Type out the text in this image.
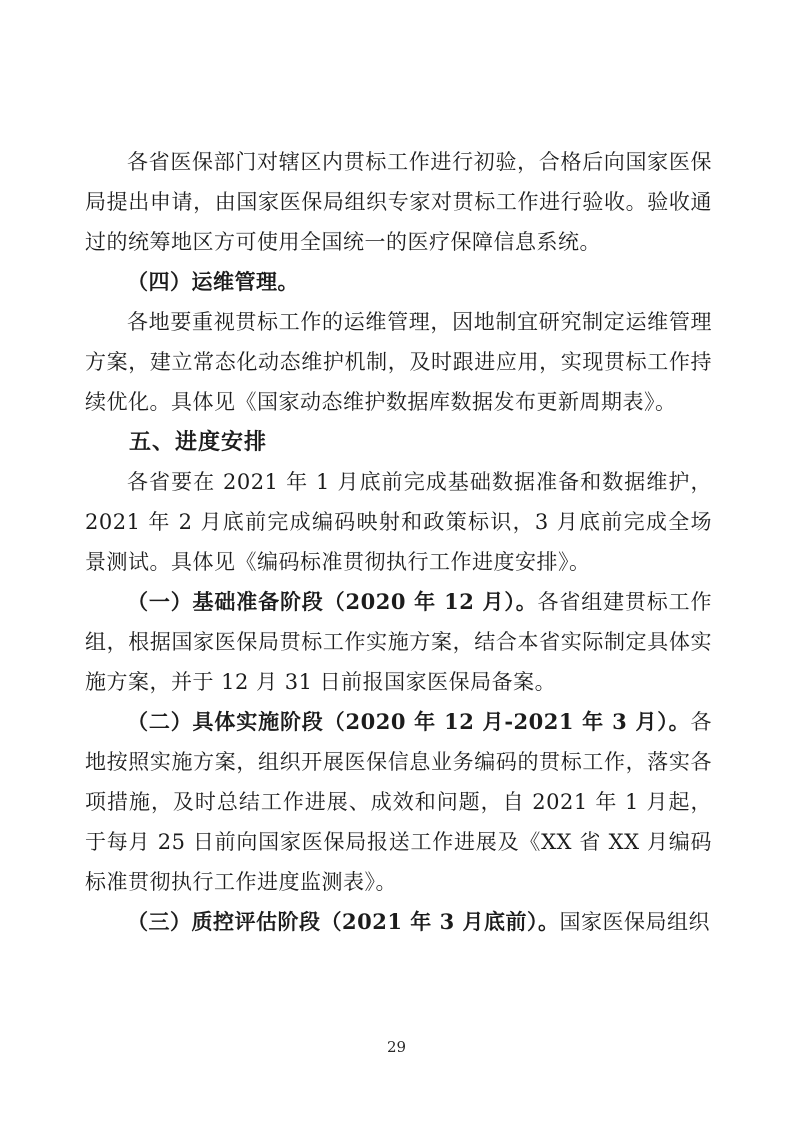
各省医保部门对辖区内贯标工作进行初验，合格后向国家医保局提出申请，由国家医保局组织专家对贯标工作进行验收。验收通过的统筹地区方可使用全国统一的医疗保障信息系统。

（四）运维管理。

各地要重视贯标工作的运维管理，因地制宜研究制定运维管理方案，建立常态化动态维护机制，及时跟进应用，实现贯标工作持续优化。具体见《国家动态维护数据库数据发布更新周期表》。

五、进度安排

各省要在 2021 年 1 月底前完成基础数据准备和数据维护，2021 年 2 月底前完成编码映射和政策标识，3 月底前完成全场景测试。具体见《编码标准贯彻执行工作进度安排》。

（一）基础准备阶段（2020 年 12 月）。各省组建贯标工作组，根据国家医保局贯标工作实施方案，结合本省实际制定具体实施方案，并于 12 月 31 日前报国家医保局备案。

（二）具体实施阶段（2020 年 12 月-2021 年 3 月）。各地按照实施方案，组织开展医保信息业务编码的贯标工作，落实各项措施，及时总结工作进展、成效和问题，自 2021 年 1 月起，于每月 25 日前向国家医保局报送工作进展及《XX 省 XX 月编码标准贯彻执行工作进度监测表》。

（三）质控评估阶段（2021 年 3 月底前）。国家医保局组织

29
